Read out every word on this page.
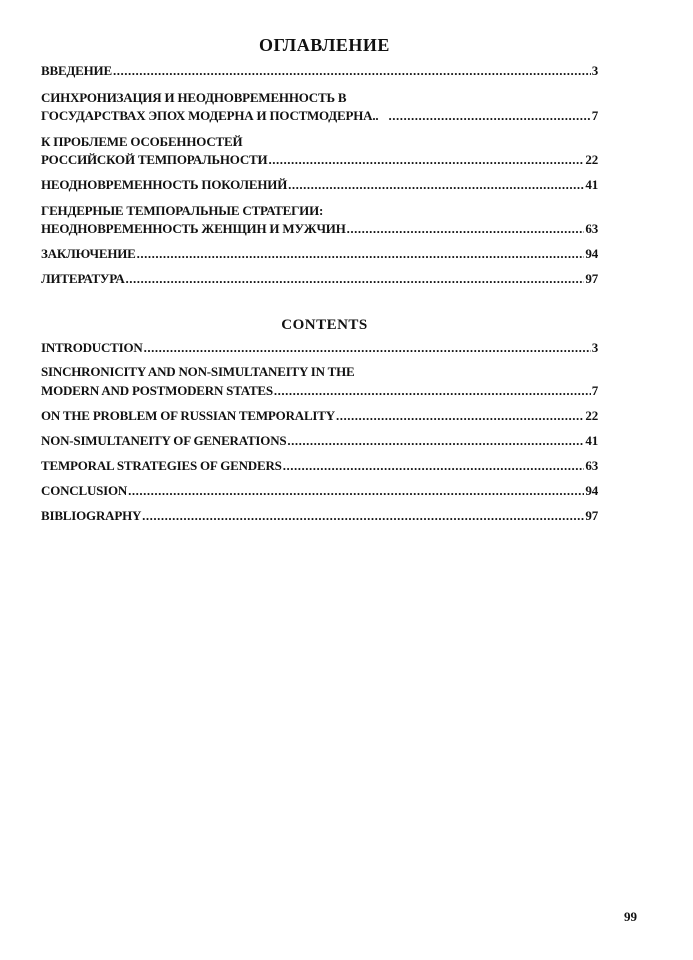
ОГЛАВЛЕНИЕ
ВВЕДЕНИЕ .....	3
СИНХРОНИЗАЦИЯ И НЕОДНОВРЕМЕННОСТЬ В
ГОСУДАРСТВАХ ЭПОХ МОДЕРНА И ПОСТМОДЕРНА.. .....	7
К ПРОБЛЕМЕ ОСОБЕННОСТЕЙ
РОССИЙСКОЙ ТЕМПОРАЛЬНОСТИ .....	22
НЕОДНОВРЕМЕННОСТЬ ПОКОЛЕНИЙ .....	41
ГЕНДЕРНЫЕ ТЕМПОРАЛЬНЫЕ СТРАТЕГИИ:
НЕОДНОВРЕМЕННОСТЬ ЖЕНЩИН И МУЖЧИН .....	63
ЗАКЛЮЧЕНИЕ .....	94
ЛИТЕРАТУРА .....	97
CONTENTS
INTRODUCTION .....	3
SINCHRONICITY AND NON-SIMULTANEITY IN THE
MODERN AND POSTMODERN STATES .....	7
ON THE PROBLEM OF RUSSIAN TEMPORALITY .....	22
NON-SIMULTANEITY OF GENERATIONS .....	41
TEMPORAL STRATEGIES OF GENDERS .....	63
CONCLUSION .....	94
BIBLIOGRAPHY .....	97
99
